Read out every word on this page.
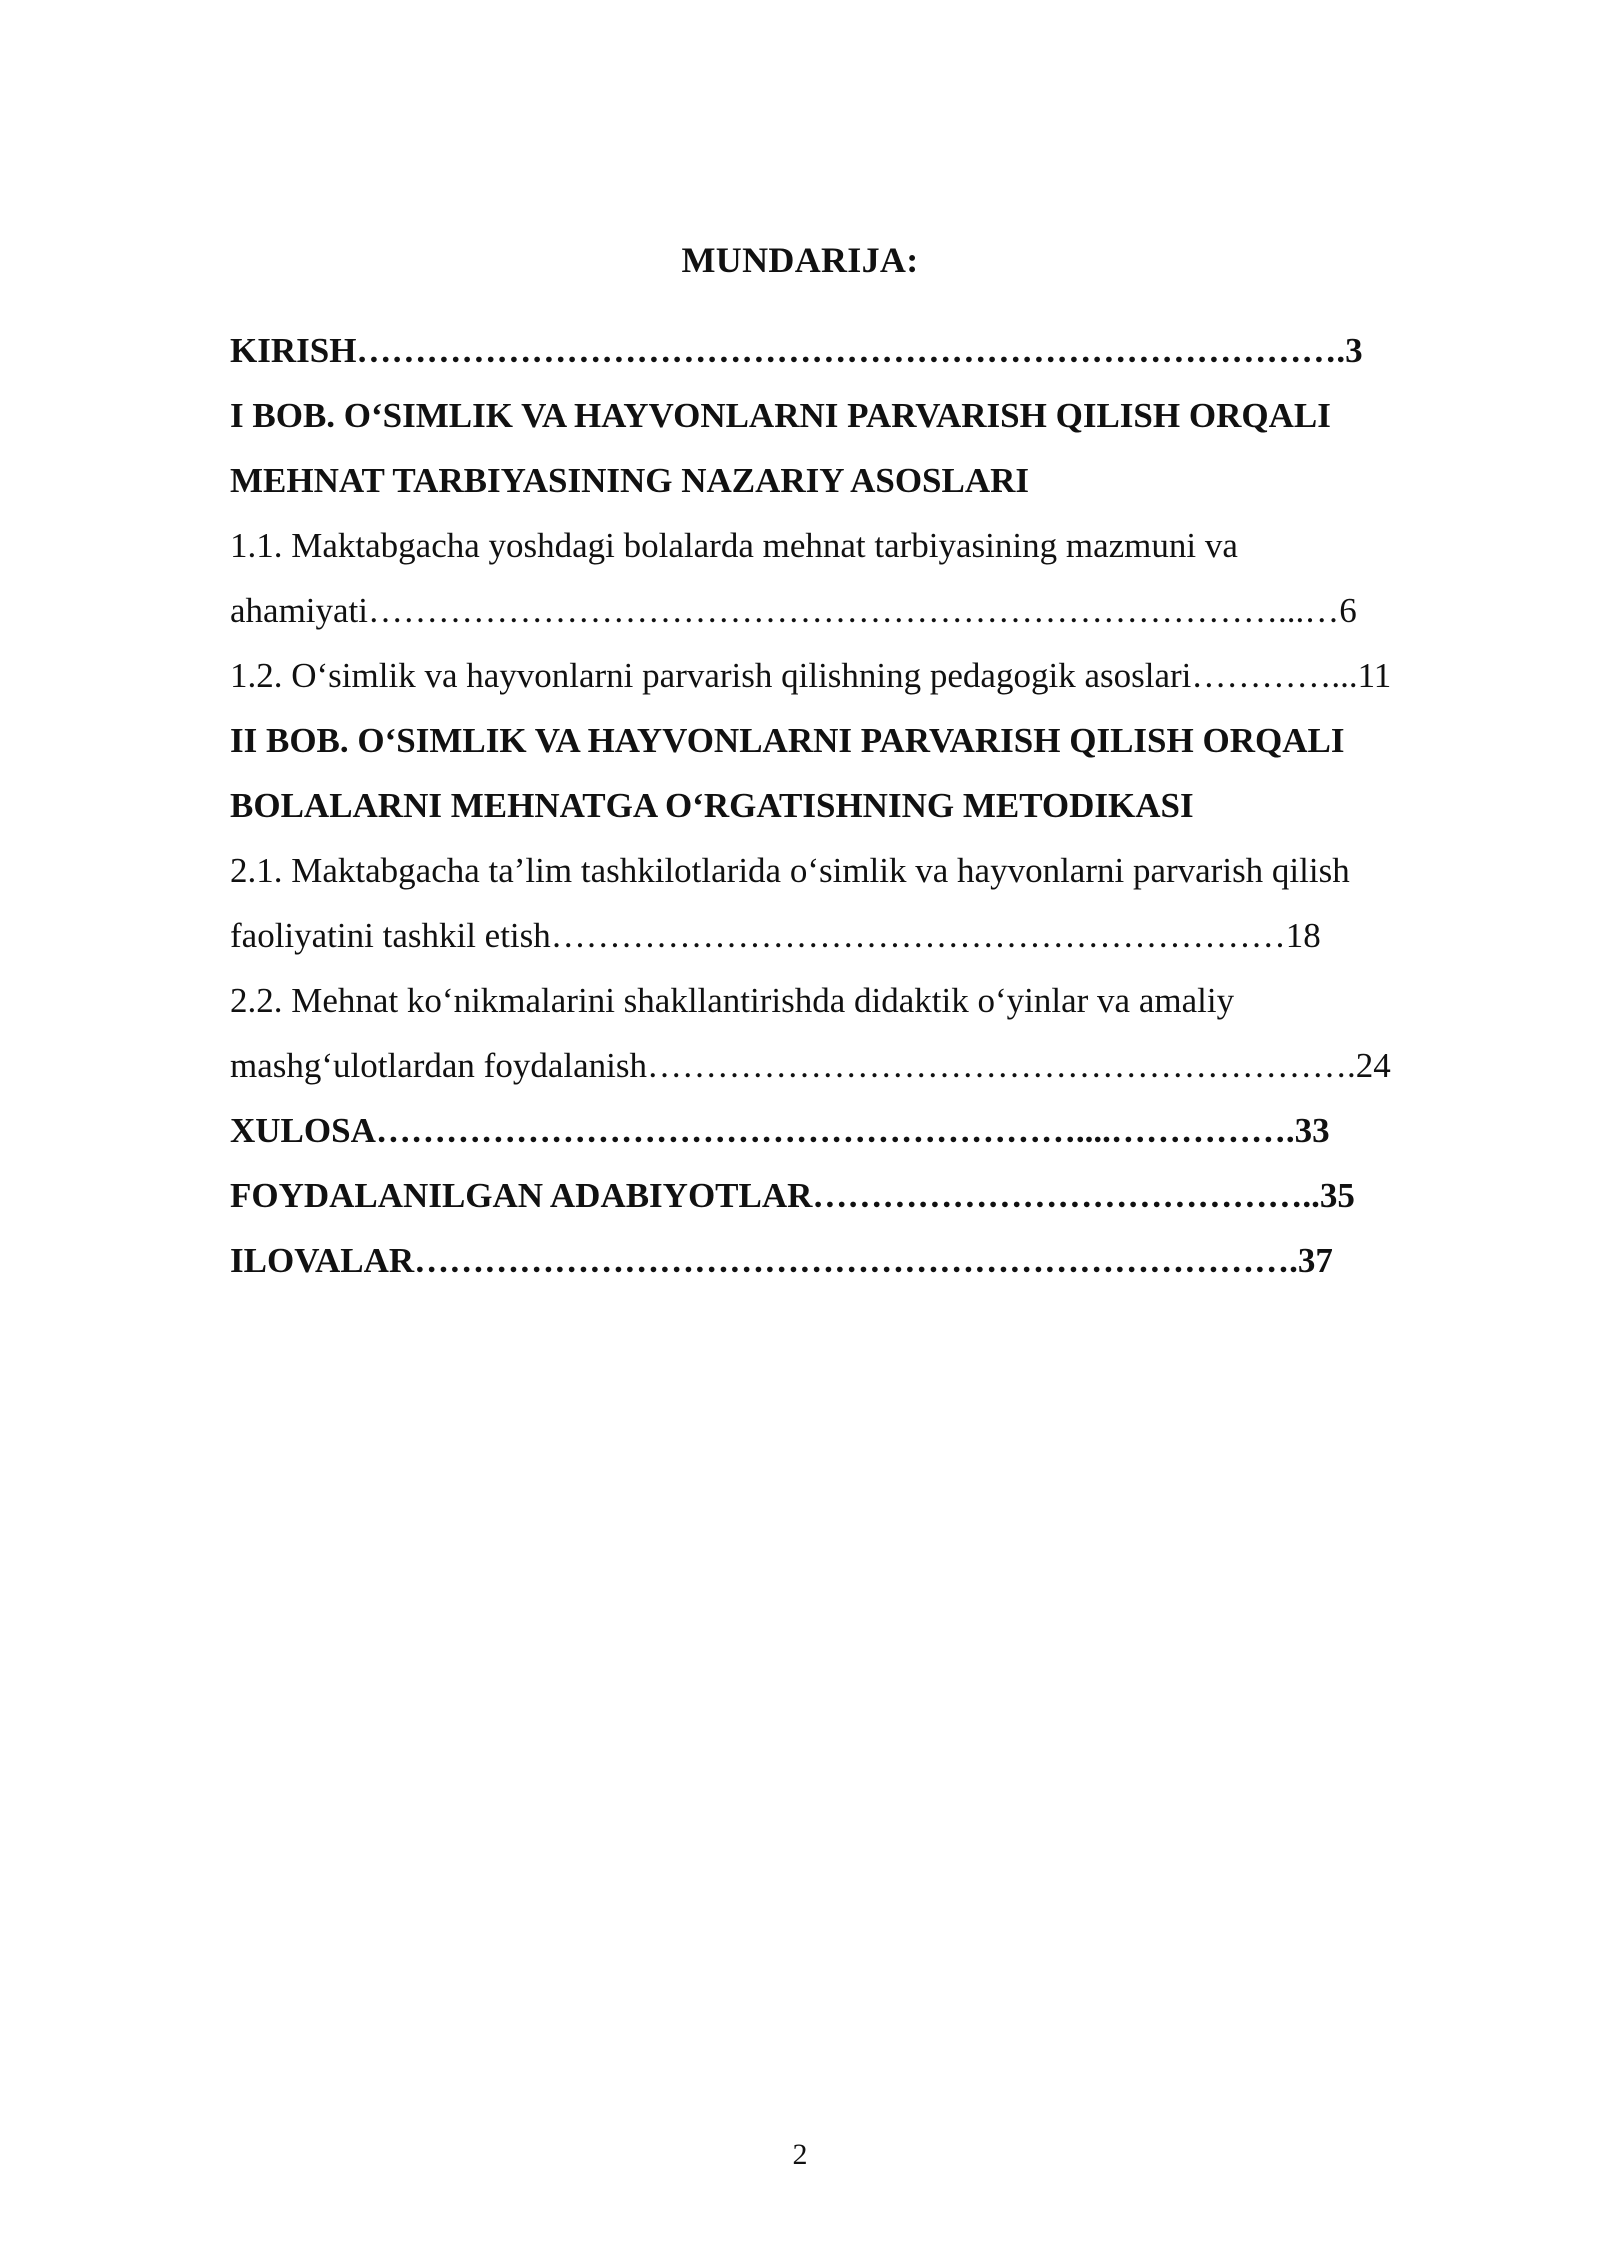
MUNDARIJA:
KIRISH………………………………………………………………………….3
I BOB. O‘SIMLIK VA HAYVONLARNI PARVARISH QILISH ORQALI
MEHNAT TARBIYASINING NAZARIY ASOSLARI
1.1. Maktabgacha yoshdagi bolalarda mehnat tarbiyasining mazmuni va
ahamiyati……………………………………………………………………...…6
1.2. O‘simlik va hayvonlarni parvarish qilishning pedagogik asoslari…………...11
II BOB. O‘SIMLIK VA HAYVONLARNI PARVARISH QILISH ORQALI
BOLALARNI MEHNATGA O‘RGATISHNING METODIKASI
2.1. Maktabgacha ta’lim tashkilotlarida o‘simlik va hayvonlarni parvarish qilish
faoliyatini tashkil etish………………………………………………………18
2.2. Mehnat ko‘nikmalarini shakllantirishda didaktik o‘yinlar va amaliy
mashg‘ulotlardan foydalanish…………………………………………………….24
XULOSA……………………………………………………....…………….33
FOYDALANILGAN ADABIYOTLAR……………………………………..35
ILOVALAR………………………………………………………………….37
2
